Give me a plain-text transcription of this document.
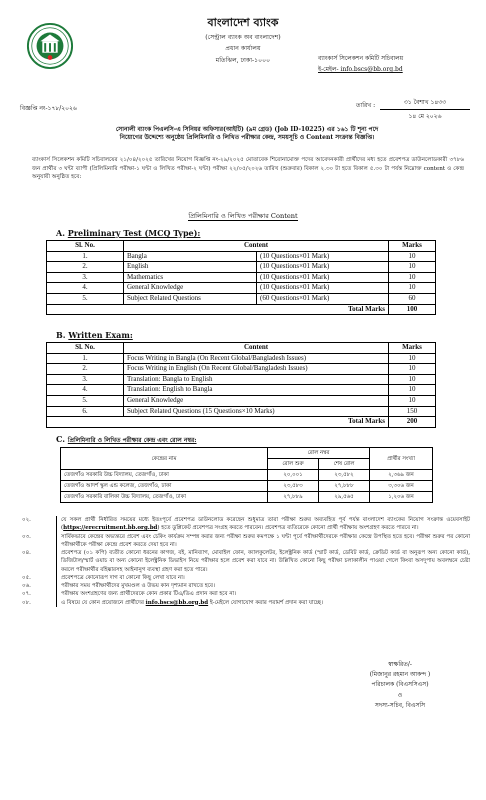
বাংলাদেশ ব্যাংক
(সেন্ট্রাল ব্যাংক অব বাংলাদেশ)
প্রধান কার্যালয়
মতিঝিল, ঢাকা-১০০০	ব্যাংকার্স সিলেকশন কমিটি সচিবালয়
ই-মেইল- info.bscs@bb.org.bd
বিজ্ঞপ্তি নং-১৭৮/২০২৬	তারিখ :	৩১ বৈশাখ ১৪৩৩
১৪ মে ২০২৬
সোনালী ব্যাংক পিএলসি-এ সিনিয়র অফিসার(আইটি) (৯ম গ্রেড) (Job ID-10225) এর ১৬১ টি শূন্য পদে
নিয়োগের উদ্দেশ্যে অনুষ্ঠেয় প্রিলিমিনারি ও লিখিত পরীক্ষার কেন্দ্র, সময়সূচি ও Content সংক্রান্ত বিজ্ঞপ্তি।
ব্যাংকার্স সিলেকশন কমিটি সচিবালয়ের ২১/০৪/২০২৫ তারিখের নিয়োগ বিজ্ঞপ্তি নং-২৯/২০২৫ মোতাবেক শিরোনামোক্ত পদের আবেদনকারী প্রার্থীদের মধ্য হতে প্রবেশপত্র ডাউনলোডকারী ৩৭৮৬ জন প্রার্থীর ৩ ঘন্টা ব্যাপী (প্রিলিমিনারি পরীক্ষা-১ ঘন্টা ও লিখিত পরীক্ষা-২ ঘন্টা) পরীক্ষা ২২/০৫/২০২৬ তারিখ (শুক্রবার) বিকাল ২.৩০ টা হতে বিকাল ৫.৩০ টা পর্যন্ত নিম্নোক্ত content ও কেন্দ্র অনুযায়ী অনুষ্ঠিত হবে:
প্রিলিমিনারি ও লিখিত পরীক্ষার Content
A. Preliminary Test (MCQ Type):
Sl. No.	Content		Marks
1.	Bangla	(10 Questions×01 Mark)	10
2.	English	(10 Questions×01 Mark)	10
3.	Mathematics	(10 Questions×01 Mark)	10
4.	General Knowledge	(10 Questions×01 Mark)	10
5.	Subject Related Questions	(60 Questions×01 Mark)	60
Total Marks			100
B. Written Exam:
Sl. No.	Content	Marks
1.	Focus Writing in Bangla (On Recent Global/Bangladesh Issues)	10
2.	Focus Writing in English (On Recent Global/Bangladesh Issues)	10
3.	Translation: Bangla to English	10
4.	Translation: English to Bangla	10
5.	General Knowledge	10
6.	Subject Related Questions (15 Questions×10 Marks)	150
Total Marks		200
C. প্রিলিমিনারি ও লিখিত পরীক্ষার কেন্দ্র এবং রোল নম্বর:
কেন্দ্রের নাম	রোল নম্বর		প্রার্থীর সংখ্যা
	রোল শুরু	শেষ রোল	
তেজগাঁও সরকারি উচ্চ বিদ্যালয়, তেজগাঁও, ঢাকা	২০,০০১	২৩,৫৮২	২,৩৬৯ জন
তেজগাঁও আদর্শ স্কুল এন্ড কলেজ, তেজগাঁও, ঢাকা	২৩,৫৮৩	২৭,৮৮৮	৩,৩০৬ জন
তেজগাঁও সরকারি বালিকা উচ্চ বিদ্যালয়, তেজগাঁও, ঢাকা	২৭,৮৮৯	২৯,৫৬৫	১,২০৬ জন
০২.	যে সকল প্রার্থী নির্ধারিত সময়ের মধ্যে ইতঃপূর্বে প্রবেশপত্র ডাউনলোড করেছেন শুধুমাত্র তারা পরীক্ষা শুরুর অব্যবহিত পূর্ব পর্যন্ত বাংলাদেশ ব্যাংকের নিয়োগ সংক্রান্ত ওয়েবসাইট (https://erecruitment.bb.org.bd) হতে ডুপ্লিকেট প্রবেশপত্র সংগ্রহ করতে পারবেন। প্রবেশপত্র ব্যতিরেকে কোনো প্রার্থী পরীক্ষায় অংশগ্রহণ করতে পারবে না।
০৩.	সার্বিকভাবে কেন্দ্রের অভ্যন্তরে প্রবেশ এবং চেকিং কার্যক্রম সম্পন্ন করার জন্য পরীক্ষা শুরুর কমপক্ষে ১ ঘন্টা পূর্বে পরীক্ষার্থীদেরকে পরীক্ষার কেন্দ্রে উপস্থিত হতে হবে। পরীক্ষা শুরুর পর কোনো পরীক্ষার্থীকে পরীক্ষা কেন্দ্রে প্রবেশ করতে দেয়া হবে না।
০৪.	প্রবেশপত্র (০১ কপি) ব্যতীত কোনো ধরনের কাগজ, বই, মানিব্যাগ, মোবাইল ফোন, ক্যালকুলেটর, ইলেক্ট্রনিক কার্ড (স্মার্ট কার্ড, ডেবিট কার্ড, ক্রেডিট কার্ড বা অনুরূপ অন্য কোনো কার্ড), ডিজিটাল/স্মার্ট ওয়াচ বা অন্য কোনো ইলেক্ট্রনিক ডিভাইস নিয়ে পরীক্ষার হলে প্রবেশ করা যাবে না। উল্লিখিত কোনো কিছু পরীক্ষা চলাকালীন পাওয়া গেলে কিংবা অসদুপায় অবলম্বনে চেষ্টা করলে পরীক্ষার্থীর বহিষ্কারসহ আইনানুগ ব্যবস্থা গ্রহণ করা হতে পারে।
০৫.	প্রবেশপত্রে কোনোরূপ দাগ বা কোনো কিছু লেখা যাবে না।
০৬.	পরীক্ষার সময় পরীক্ষার্থীদের মুখমণ্ডল ও উভয় কান দৃশ্যমান রাখতে হবে।
০৭.	পরীক্ষায় অংশগ্রহণের জন্য প্রার্থীদেরকে কোন প্রকার টিএ/ডিএ প্রদান করা হবে না।
০৮.	এ বিষয়ে যে কোন প্রয়োজনে প্রার্থীদের info.bscs@bb.org.bd ই-মেইলে যোগাযোগ করার পরামর্শ প্রদান করা যাচ্ছে।
স্বাক্ষরিত/-
(মিজানুর রহমান আকন্দ )
পরিচালক (বিএসসিএস)
ও
সদস্য-সচিব, বিএসসি
